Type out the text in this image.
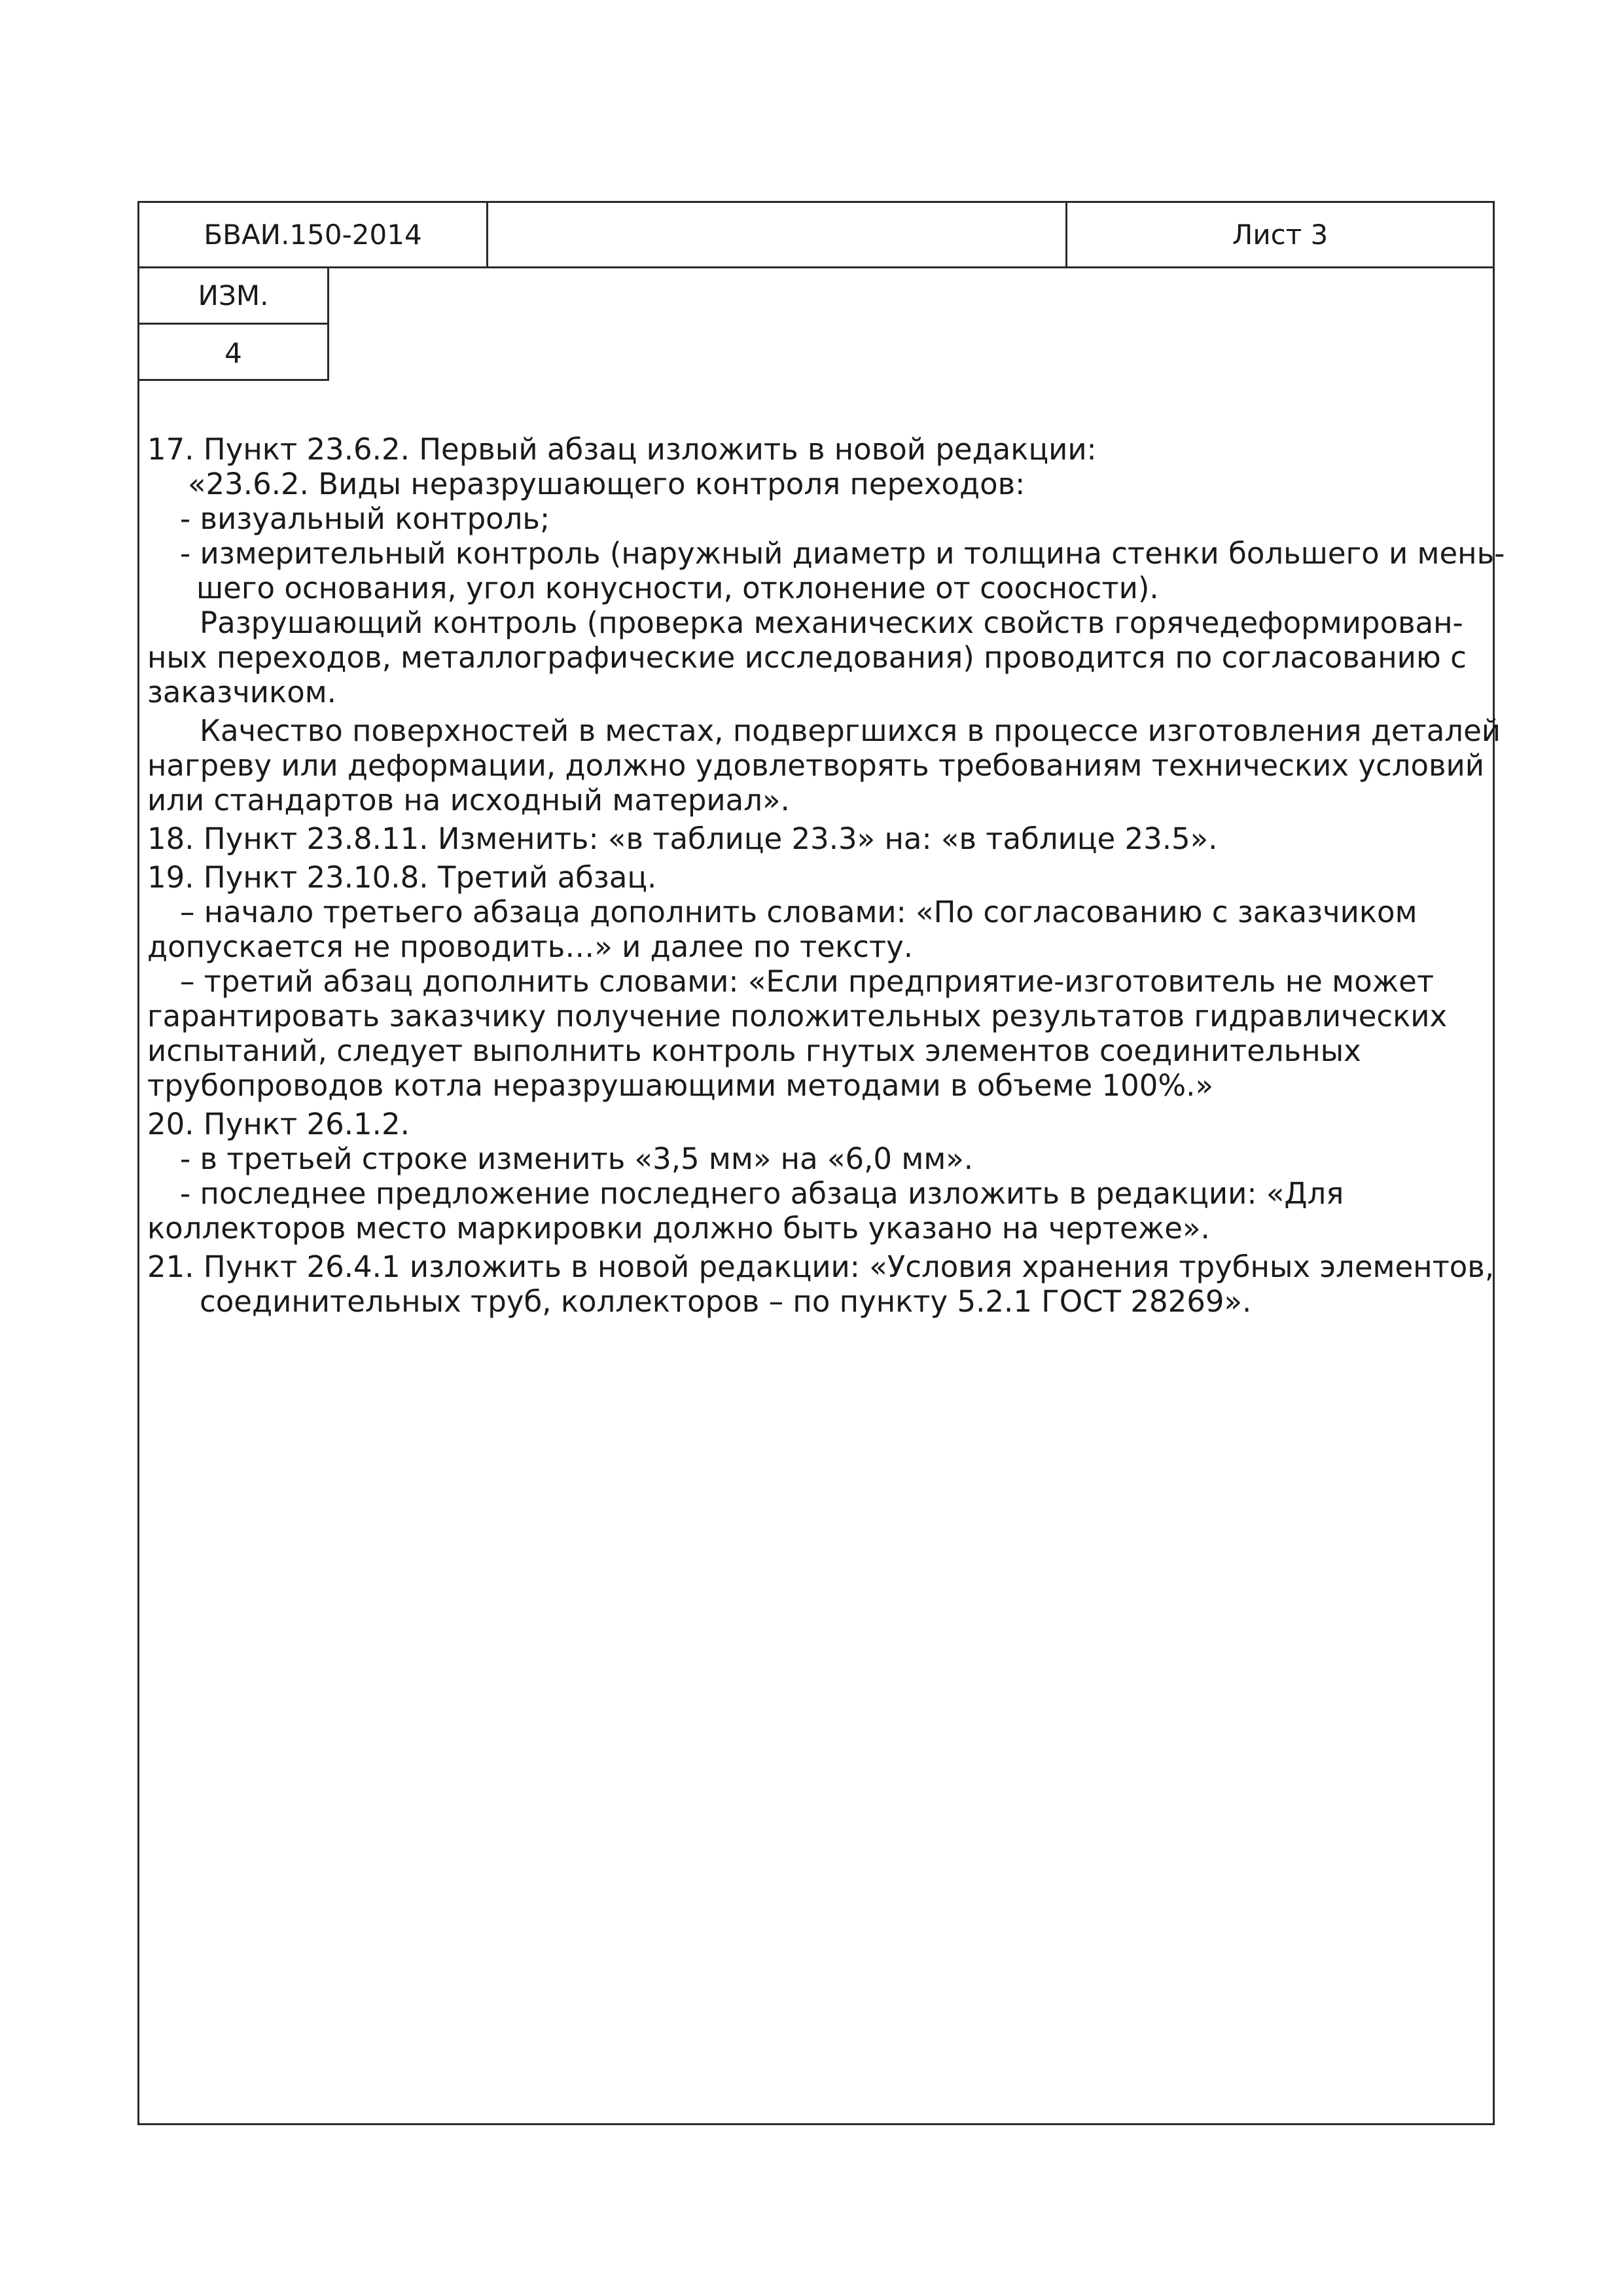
БВАИ.150-2014	Лист 3
ИЗМ.
4
17. Пункт 23.6.2. Первый абзац изложить в новой редакции:
«23.6.2. Виды неразрушающего контроля переходов:
- визуальный контроль;
- измерительный контроль (наружный диаметр и толщина стенки большего и мень-
шего основания, угол конусности, отклонение от соосности).
Разрушающий контроль (проверка механических свойств горячедеформирован-
ных переходов, металлографические исследования) проводится по согласованию с
заказчиком.
Качество поверхностей в местах, подвергшихся в процессе изготовления деталей
нагреву или деформации, должно удовлетворять требованиям технических условий
или стандартов на исходный материал».
18. Пункт 23.8.11. Изменить: «в таблице 23.3» на: «в таблице 23.5».
19. Пункт 23.10.8. Третий абзац.
– начало третьего абзаца дополнить словами: «По согласованию с заказчиком
допускается не проводить…» и далее по тексту.
– третий абзац дополнить словами: «Если предприятие-изготовитель не может
гарантировать заказчику получение положительных результатов гидравлических
испытаний, следует выполнить контроль гнутых элементов соединительных
трубопроводов котла неразрушающими методами в объеме 100%.»
20. Пункт 26.1.2.
- в третьей строке изменить «3,5 мм» на «6,0 мм».
- последнее предложение последнего абзаца изложить в редакции: «Для
коллекторов место маркировки должно быть указано на чертеже».
21. Пункт 26.4.1 изложить в новой редакции: «Условия хранения трубных элементов,
соединительных труб, коллекторов – по пункту 5.2.1 ГОСТ 28269».
